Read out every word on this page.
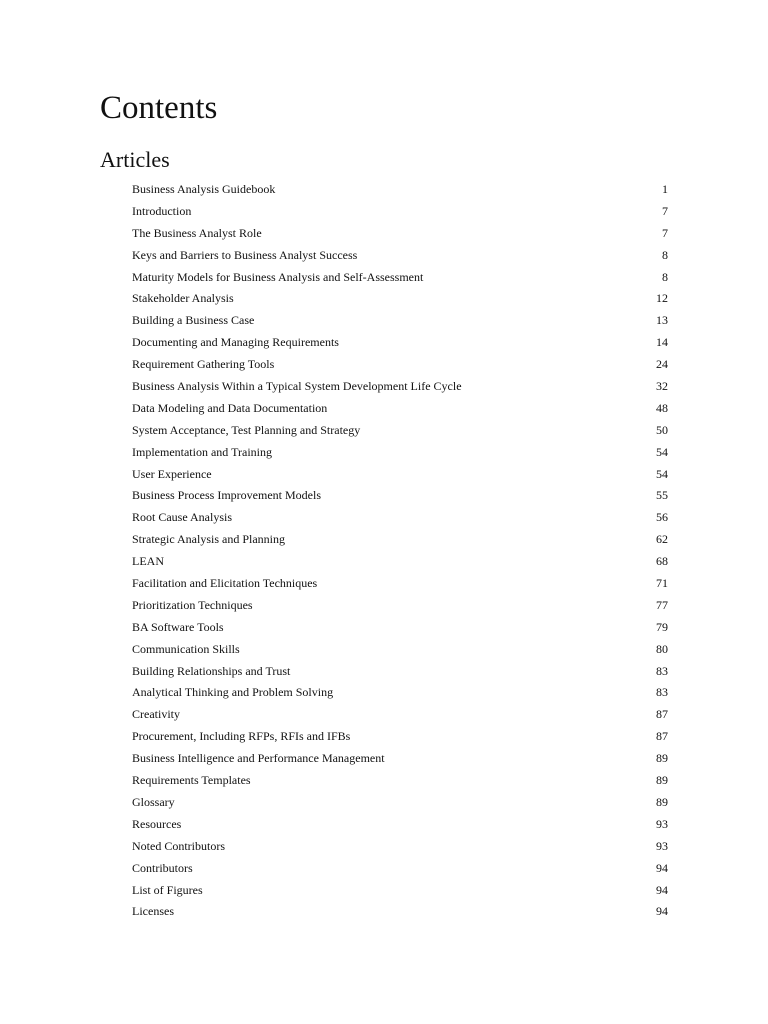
Contents
Articles
Business Analysis Guidebook	1
Introduction	7
The Business Analyst Role	7
Keys and Barriers to Business Analyst Success	8
Maturity Models for Business Analysis and Self-Assessment	8
Stakeholder Analysis	12
Building a Business Case	13
Documenting and Managing Requirements	14
Requirement Gathering Tools	24
Business Analysis Within a Typical System Development Life Cycle	32
Data Modeling and Data Documentation	48
System Acceptance, Test Planning and Strategy	50
Implementation and Training	54
User Experience	54
Business Process Improvement Models	55
Root Cause Analysis	56
Strategic Analysis and Planning	62
LEAN	68
Facilitation and Elicitation Techniques	71
Prioritization Techniques	77
BA Software Tools	79
Communication Skills	80
Building Relationships and Trust	83
Analytical Thinking and Problem Solving	83
Creativity	87
Procurement, Including RFPs, RFIs and IFBs	87
Business Intelligence and Performance Management	89
Requirements Templates	89
Glossary	89
Resources	93
Noted Contributors	93
Contributors	94
List of Figures	94
Licenses	94
